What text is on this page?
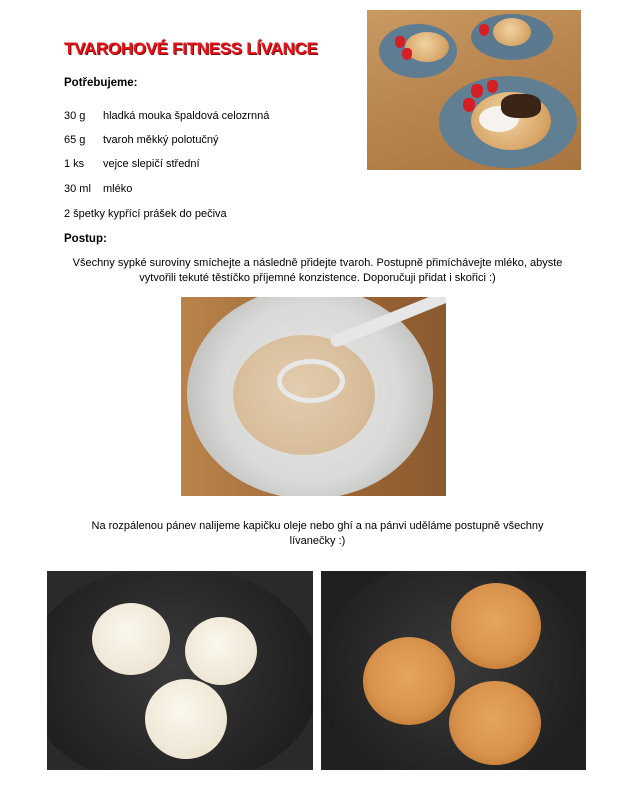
TVAROHOVÉ FITNESS LÍVANCE
Potřebujeme:
30 g hladká mouka špaldová celozrnná
65 g tvaroh měkký polotučný
1 ks vejce slepičí střední
30 ml mléko
2 špetky kypřící prášek do pečiva
Postup:
Všechny sypké suroviny smíchejte a následně přidejte tvaroh. Postupně přimíchávejte mléko, abyste
vytvořili tekuté těstíčko příjemné konzistence. Doporučuji přidat i skořici :)
Na rozpálenou pánev nalijeme kapičku oleje nebo ghí a na pánvi uděláme postupně všechny
lívanečky :)
